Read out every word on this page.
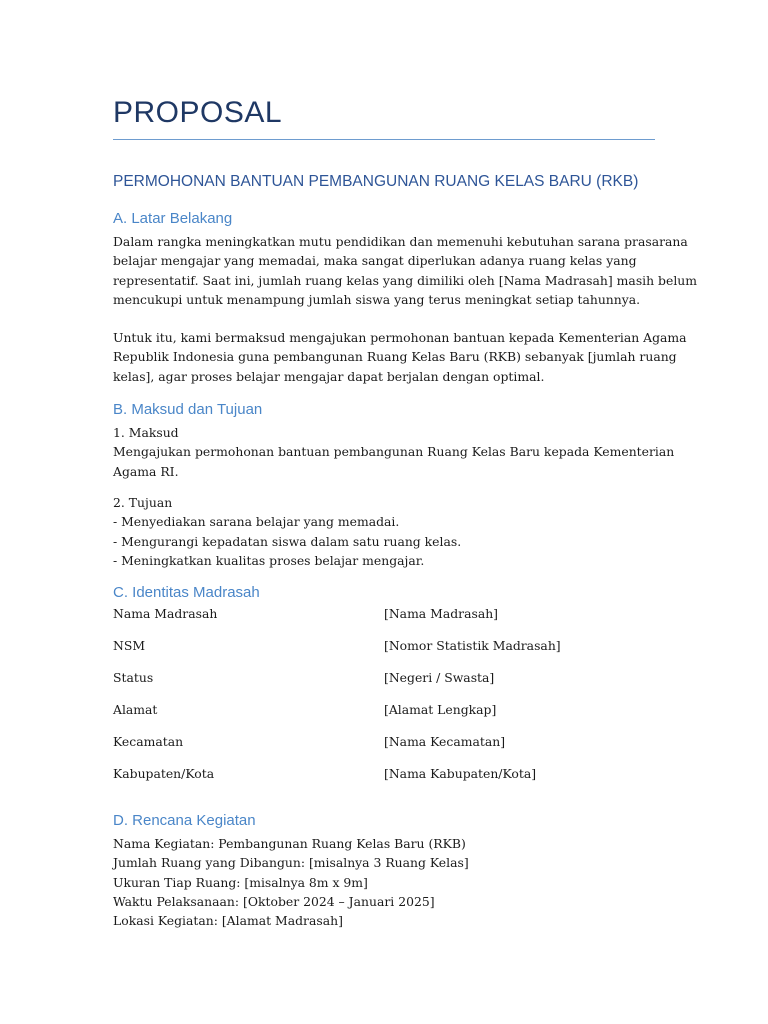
PROPOSAL
PERMOHONAN BANTUAN PEMBANGUNAN RUANG KELAS BARU (RKB)
A. Latar Belakang

Dalam rangka meningkatkan mutu pendidikan dan memenuhi kebutuhan sarana prasarana
belajar mengajar yang memadai, maka sangat diperlukan adanya ruang kelas yang
representatif. Saat ini, jumlah ruang kelas yang dimiliki oleh [Nama Madrasah] masih belum
mencukupi untuk menampung jumlah siswa yang terus meningkat setiap tahunnya.

Untuk itu, kami bermaksud mengajukan permohonan bantuan kepada Kementerian Agama
Republik Indonesia guna pembangunan Ruang Kelas Baru (RKB) sebanyak [jumlah ruang
kelas], agar proses belajar mengajar dapat berjalan dengan optimal.

B. Maksud dan Tujuan

1. Maksud
Mengajukan permohonan bantuan pembangunan Ruang Kelas Baru kepada Kementerian
Agama RI.

2. Tujuan
- Menyediakan sarana belajar yang memadai.
- Mengurangi kepadatan siswa dalam satu ruang kelas.
- Meningkatkan kualitas proses belajar mengajar.

C. Identitas Madrasah
Nama Madrasah	[Nama Madrasah]
NSM	[Nomor Statistik Madrasah]
Status	[Negeri / Swasta]
Alamat	[Alamat Lengkap]
Kecamatan	[Nama Kecamatan]
Kabupaten/Kota	[Nama Kabupaten/Kota]
D. Rencana Kegiatan

Nama Kegiatan: Pembangunan Ruang Kelas Baru (RKB)
Jumlah Ruang yang Dibangun: [misalnya 3 Ruang Kelas]
Ukuran Tiap Ruang: [misalnya 8m x 9m]
Waktu Pelaksanaan: [Oktober 2024 – Januari 2025]
Lokasi Kegiatan: [Alamat Madrasah]
